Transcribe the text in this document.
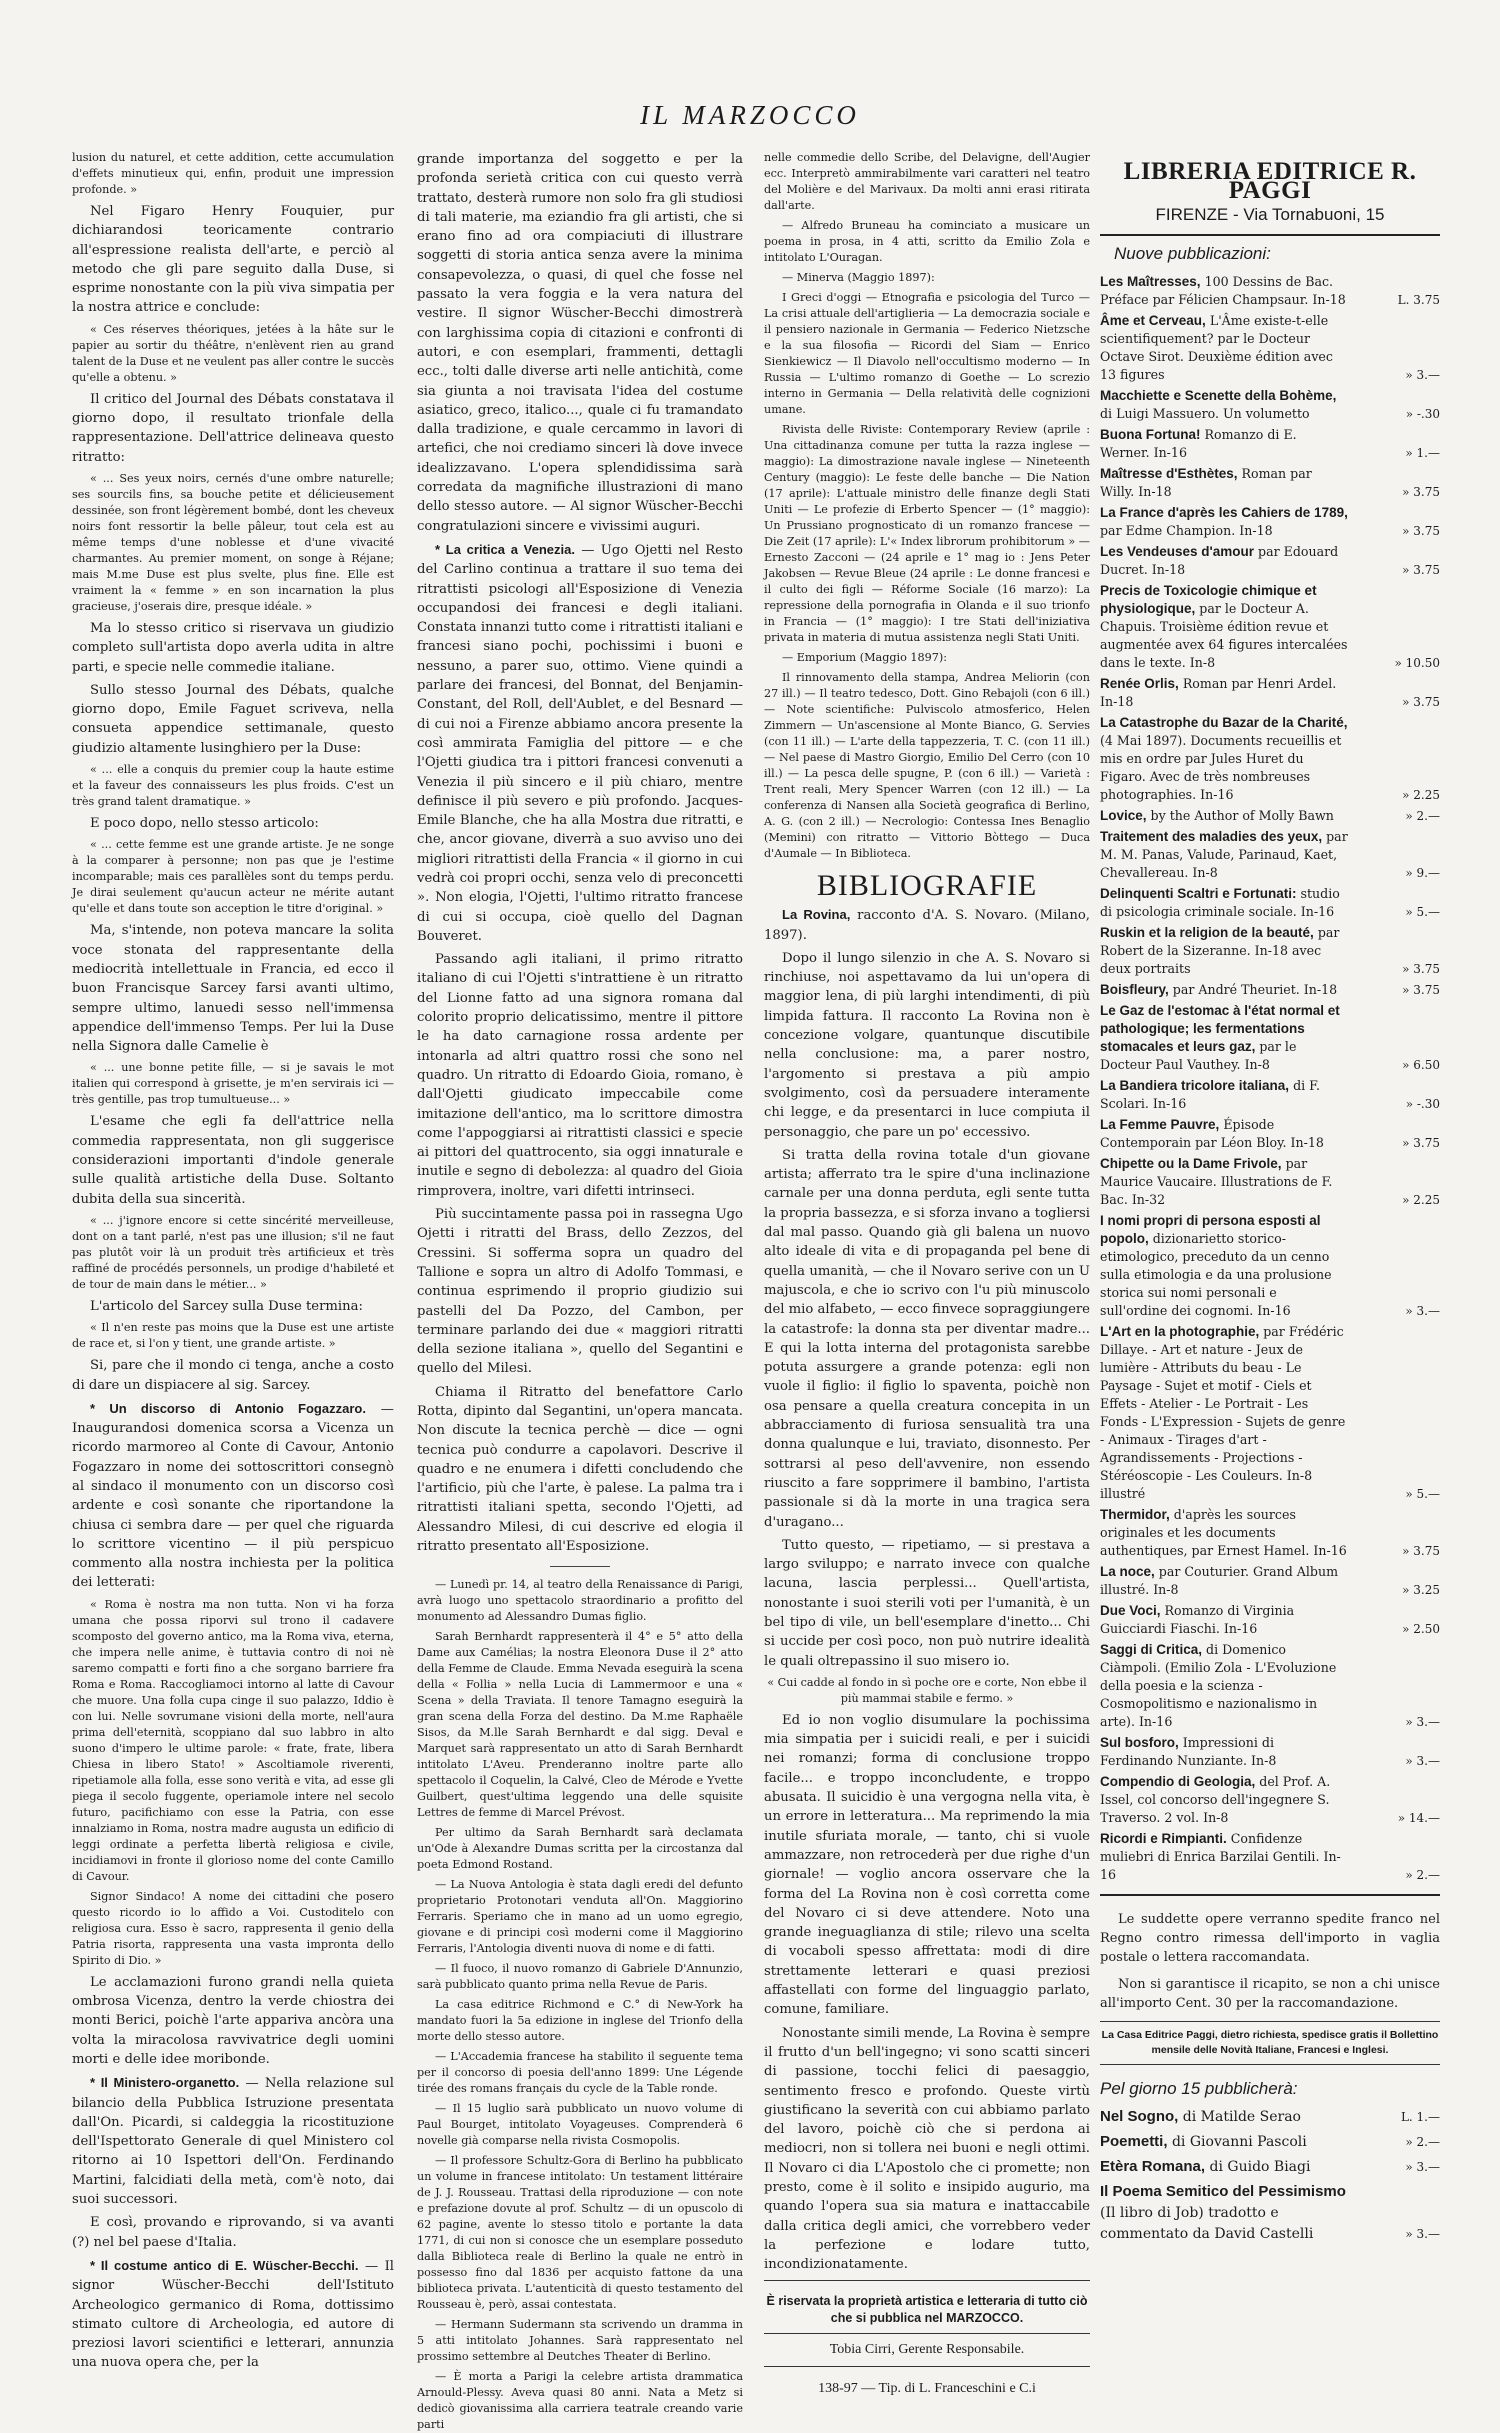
IL MARZOCCO

lusion du naturel, et cette addition, cette accumulation d'effets minutieux qui, enfin, produit une impression profonde. »

Nel Figaro Henry Fouquier, pur dichiarandosi teoricamente contrario all'espressione realista dell'arte, e perciò al metodo che gli pare seguito dalla Duse, si esprime nonostante con la più viva simpatia per la nostra attrice e conclude:

« Ces réserves théoriques, jetées à la hâte sur le papier au sortir du théâtre, n'enlèvent rien au grand talent de la Duse et ne veulent pas aller contre le succès qu'elle a obtenu. »

Il critico del Journal des Débats constatava il giorno dopo, il resultato trionfale della rappresentazione. Dell'attrice delineava questo ritratto:

« ... Ses yeux noirs, cernés d'une ombre naturelle; ses sourcils fins, sa bouche petite et délicieusement dessinée, son front légèrement bombé, dont les cheveux noirs font ressortir la belle pâleur, tout cela est au même temps d'une noblesse et d'une vivacité charmantes. Au premier moment, on songe à Réjane; mais M.me Duse est plus svelte, plus fine. Elle est vraiment la « femme » en son incarnation la plus gracieuse, j'oserais dire, presque idéale. »

Ma lo stesso critico si riservava un giudizio completo sull'artista dopo averla udita in altre parti, e specie nelle commedie italiane.

Sullo stesso Journal des Débats, qualche giorno dopo, Emile Faguet scriveva, nella consueta appendice settimanale, questo giudizio altamente lusinghiero per la Duse:

« ... elle a conquis du premier coup la haute estime et la faveur des connaisseurs les plus froids. C'est un très grand talent dramatique. »

E poco dopo, nello stesso articolo:

« ... cette femme est une grande artiste. Je ne songe à la comparer à personne; non pas que je l'estime incomparable; mais ces parallèles sont du temps perdu. Je dirai seulement qu'aucun acteur ne mérite autant qu'elle et dans toute son acception le titre d'original. »

Ma, s'intende, non poteva mancare la solita voce stonata del rappresentante della mediocrità intellettuale in Francia, ed ecco il buon Francisque Sarcey farsi avanti ultimo, sempre ultimo, lanuedi sesso nell'immensa appendice dell'immenso Temps. Per lui la Duse nella Signora dalle Camelie è

« ... une bonne petite fille, — si je savais le mot italien qui correspond à grisette, je m'en servirais ici — très gentille, pas trop tumultueuse... »

L'esame che egli fa dell'attrice nella commedia rappresentata, non gli suggerisce considerazioni importanti d'indole generale sulle qualità artistiche della Duse. Soltanto dubita della sua sincerità.

« ... j'ignore encore si cette sincérité merveilleuse, dont on a tant parlé, n'est pas une illusion; s'il ne faut pas plutôt voir là un produit très artificieux et très raffiné de procédés personnels, un prodige d'habileté et de tour de main dans le métier... »

L'articolo del Sarcey sulla Duse termina:

« Il n'en reste pas moins que la Duse est une artiste de race et, si l'on y tient, une grande artiste. »

Si, pare che il mondo ci tenga, anche a costo di dare un dispiacere al sig. Sarcey.

* Un discorso di Antonio Fogazzaro. — Inaugurandosi domenica scorsa a Vicenza un ricordo marmoreo al Conte di Cavour, Antonio Fogazzaro in nome dei sottoscrittori consegnò al sindaco il monumento con un discorso così ardente e così sonante che riportandone la chiusa ci sembra dare — per quel che riguarda lo scrittore vicentino — il più perspicuo commento alla nostra inchiesta per la politica dei letterati:

« Roma è nostra ma non tutta. Non vi ha forza umana che possa riporvi sul trono il cadavere scomposto del governo antico, ma la Roma viva, eterna, che impera nelle anime, è tuttavia contro di noi nè saremo compatti e forti fino a che sorgano barriere fra Roma e Roma. Raccogliamoci intorno al latte di Cavour che muore. Una folla cupa cinge il suo palazzo, Iddio è con lui. Nelle sovrumane visioni della morte, nell'aura prima dell'eternità, scoppiano dal suo labbro in alto suono d'impero le ultime parole: « frate, frate, libera Chiesa in libero Stato! » Ascoltiamole riverenti, ripetiamole alla folla, esse sono verità e vita, ad esse gli piega il secolo fuggente, operiamole intere nel secolo futuro, pacifichiamo con esse la Patria, con esse innalziamo in Roma, nostra madre augusta un edificio di leggi ordinate a perfetta libertà religiosa e civile, incidiamovi in fronte il glorioso nome del conte Camillo di Cavour.

Signor Sindaco! A nome dei cittadini che posero questo ricordo io lo affido a Voi. Custoditelo con religiosa cura. Esso è sacro, rappresenta il genio della Patria risorta, rappresenta una vasta impronta dello Spirito di Dio. »

Le acclamazioni furono grandi nella quieta ombrosa Vicenza, dentro la verde chiostra dei monti Berici, poichè l'arte appariva ancòra una volta la miracolosa ravvivatrice degli uomini morti e delle idee moribonde.

* Il Ministero-organetto. — Nella relazione sul bilancio della Pubblica Istruzione presentata dall'On. Picardi, si caldeggia la ricostituzione dell'Ispettorato Generale di quel Ministero col ritorno ai 10 Ispettori dell'On. Ferdinando Martini, falcidiati della metà, com'è noto, dai suoi successori.

E così, provando e riprovando, si va avanti (?) nel bel paese d'Italia.

* Il costume antico di E. Wüscher-Becchi. — Il signor Wüscher-Becchi dell'Istituto Archeologico germanico di Roma, dottissimo stimato cultore di Archeologia, ed autore di preziosi lavori scientifici e letterari, annunzia una nuova opera che, per la

grande importanza del soggetto e per la profonda serietà critica con cui questo verrà trattato, desterà rumore non solo fra gli studiosi di tali materie, ma eziandio fra gli artisti, che si erano fino ad ora compiaciuti di illustrare soggetti di storia antica senza avere la minima consapevolezza, o quasi, di quel che fosse nel passato la vera foggia e la vera natura del vestire. Il signor Wüscher-Becchi dimostrerà con larghissima copia di citazioni e confronti di autori, e con esemplari, frammenti, dettagli ecc., tolti dalle diverse arti nelle antichità, come sia giunta a noi travisata l'idea del costume asiatico, greco, italico..., quale ci fu tramandato dalla tradizione, e quale cercammo in lavori di artefici, che noi crediamo sinceri là dove invece idealizzavano. L'opera splendidissima sarà corredata da magnifiche illustrazioni di mano dello stesso autore. — Al signor Wüscher-Becchi congratulazioni sincere e vivissimi auguri.

* La critica a Venezia. — Ugo Ojetti nel Resto del Carlino continua a trattare il suo tema dei ritrattisti psicologi all'Esposizione di Venezia occupandosi dei francesi e degli italiani. Constata innanzi tutto come i ritrattisti italiani e francesi siano pochi, pochissimi i buoni e nessuno, a parer suo, ottimo. Viene quindi a parlare dei francesi, del Bonnat, del Benjamin-Constant, del Roll, dell'Aublet, e del Besnard — di cui noi a Firenze abbiamo ancora presente la così ammirata Famiglia del pittore — e che l'Ojetti giudica tra i pittori francesi convenuti a Venezia il più sincero e il più chiaro, mentre definisce il più severo e più profondo. Jacques-Emile Blanche, che ha alla Mostra due ritratti, e che, ancor giovane, diverrà a suo avviso uno dei migliori ritrattisti della Francia « il giorno in cui vedrà coi propri occhi, senza velo di preconcetti ». Non elogia, l'Ojetti, l'ultimo ritratto francese di cui si occupa, cioè quello del Dagnan Bouveret.

Passando agli italiani, il primo ritratto italiano di cui l'Ojetti s'intrattiene è un ritratto del Lionne fatto ad una signora romana dal colorito proprio delicatissimo, mentre il pittore le ha dato carnagione rossa ardente per intonarla ad altri quattro rossi che sono nel quadro. Un ritratto di Edoardo Gioia, romano, è dall'Ojetti giudicato impeccabile come imitazione dell'antico, ma lo scrittore dimostra come l'appoggiarsi ai ritrattisti classici e specie ai pittori del quattrocento, sia oggi innaturale e inutile e segno di debolezza: al quadro del Gioia rimprovera, inoltre, vari difetti intrinseci.

Più succintamente passa poi in rassegna Ugo Ojetti i ritratti del Brass, dello Zezzos, del Cressini. Si sofferma sopra un quadro del Tallione e sopra un altro di Adolfo Tommasi, e continua esprimendo il proprio giudizio sui pastelli del Da Pozzo, del Cambon, per terminare parlando dei due « maggiori ritratti della sezione italiana », quello del Segantini e quello del Milesi.

Chiama il Ritratto del benefattore Carlo Rotta, dipinto dal Segantini, un'opera mancata. Non discute la tecnica perchè — dice — ogni tecnica può condurre a capolavori. Descrive il quadro e ne enumera i difetti concludendo che l'artificio, più che l'arte, è palese. La palma tra i ritrattisti italiani spetta, secondo l'Ojetti, ad Alessandro Milesi, di cui descrive ed elogia il ritratto presentato all'Esposizione.

— Lunedì pr. 14, al teatro della Renaissance di Parigi, avrà luogo uno spettacolo straordinario a profitto del monumento ad Alessandro Dumas figlio.

Sarah Bernhardt rappresenterà il 4° e 5° atto della Dame aux Camélias; la nostra Eleonora Duse il 2° atto della Femme de Claude. Emma Nevada eseguirà la scena della « Follia » nella Lucia di Lammermoor e una « Scena » della Traviata. Il tenore Tamagno eseguirà la gran scena della Forza del destino. Da M.me Raphaële Sisos, da M.lle Sarah Bernhardt e dal sigg. Deval e Marquet sarà rappresentato un atto di Sarah Bernhardt intitolato L'Aveu. Prenderanno inoltre parte allo spettacolo il Coquelin, la Calvé, Cleo de Mérode e Yvette Guilbert, quest'ultima leggendo una delle squisite Lettres de femme di Marcel Prévost.

Per ultimo da Sarah Bernhardt sarà declamata un'Ode à Alexandre Dumas scritta per la circostanza dal poeta Edmond Rostand.

— La Nuova Antologia è stata dagli eredi del defunto proprietario Protonotari venduta all'On. Maggiorino Ferraris. Speriamo che in mano ad un uomo egregio, giovane e di principi così moderni come il Maggiorino Ferraris, l'Antologia diventi nuova di nome e di fatti.

— Il fuoco, il nuovo romanzo di Gabriele D'Annunzio, sarà pubblicato quanto prima nella Revue de Paris.

La casa editrice Richmond e C.° di New-York ha mandato fuori la 5a edizione in inglese del Trionfo della morte dello stesso autore.

— L'Accademia francese ha stabilito il seguente tema per il concorso di poesia dell'anno 1899: Une Légende tirée des romans français du cycle de la Table ronde.

— Il 15 luglio sarà pubblicato un nuovo volume di Paul Bourget, intitolato Voyageuses. Comprenderà 6 novelle già comparse nella rivista Cosmopolis.

— Il professore Schultz-Gora di Berlino ha pubblicato un volume in francese intitolato: Un testament littéraire de J. J. Rousseau. Trattasi della riproduzione — con note e prefazione dovute al prof. Schultz — di un opuscolo di 62 pagine, avente lo stesso titolo e portante la data 1771, di cui non si conosce che un esemplare posseduto dalla Biblioteca reale di Berlino la quale ne entrò in possesso fino dal 1836 per acquisto fattone da una biblioteca privata. L'autenticità di questo testamento del Rousseau è, però, assai contestata.

— Hermann Sudermann sta scrivendo un dramma in 5 atti intitolato Johannes. Sarà rappresentato nel prossimo settembre al Deutches Theater di Berlino.

— È morta a Parigi la celebre artista drammatica Arnould-Plessy. Aveva quasi 80 anni. Nata a Metz si dedicò giovanissima alla carriera teatrale creando varie parti

nelle commedie dello Scribe, del Delavigne, dell'Augier ecc. Interpretò ammirabilmente vari caratteri nel teatro del Molière e del Marivaux. Da molti anni erasi ritirata dall'arte.

— Alfredo Bruneau ha cominciato a musicare un poema in prosa, in 4 atti, scritto da Emilio Zola e intitolato L'Ouragan.

— Minerva (Maggio 1897):

I Greci d'oggi — Etnografia e psicologia del Turco — La crisi attuale dell'artiglieria — La democrazia sociale e il pensiero nazionale in Germania — Federico Nietzsche e la sua filosofia — Ricordi del Siam — Enrico Sienkiewicz — Il Diavolo nell'occultismo moderno — In Russia — L'ultimo romanzo di Goethe — Lo screzio interno in Germania — Della relatività delle cognizioni umane.

Rivista delle Riviste: Contemporary Review (aprile : Una cittadinanza comune per tutta la razza inglese — maggio): La dimostrazione navale inglese — Nineteenth Century (maggio): Le feste delle banche — Die Nation (17 aprile): L'attuale ministro delle finanze degli Stati Uniti — Le profezie di Erberto Spencer — (1° maggio): Un Prussiano prognosticato di un romanzo francese — Die Zeit (17 aprile): L'« Index librorum prohibitorum » — Ernesto Zacconi — (24 aprile e 1° mag io : Jens Peter Jakobsen — Revue Bleue (24 aprile : Le donne francesi e il culto dei figli — Réforme Sociale (16 marzo): La repressione della pornografia in Olanda e il suo trionfo in Francia — (1° maggio): I tre Stati dell'iniziativa privata in materia di mutua assistenza negli Stati Uniti.

— Emporium (Maggio 1897):

Il rinnovamento della stampa, Andrea Meliorin (con 27 ill.) — Il teatro tedesco, Dott. Gino Rebajoli (con 6 ill.) — Note scientifiche: Pulviscolo atmosferico, Helen Zimmern — Un'ascensione al Monte Bianco, G. Servies (con 11 ill.) — L'arte della tappezzeria, T. C. (con 11 ill.) — Nel paese di Mastro Giorgio, Emilio Del Cerro (con 10 ill.) — La pesca delle spugne, P. (con 6 ill.) — Varietà : Trent reali, Mery Spencer Warren (con 12 ill.) — La conferenza di Nansen alla Società geografica di Berlino, A. G. (con 2 ill.) — Necrologio: Contessa Ines Benaglio (Memini) con ritratto — Vittorio Bòttego — Duca d'Aumale — In Biblioteca.

BIBLIOGRAFIE

La Rovina, racconto d'A. S. Novaro. (Milano, 1897).

Dopo il lungo silenzio in che A. S. Novaro si rinchiuse, noi aspettavamo da lui un'opera di maggior lena, di più larghi intendimenti, di più limpida fattura. Il racconto La Rovina non è concezione volgare, quantunque discutibile nella conclusione: ma, a parer nostro, l'argomento si prestava a più ampio svolgimento, così da persuadere interamente chi legge, e da presentarci in luce compiuta il personaggio, che pare un po' eccessivo.

Si tratta della rovina totale d'un giovane artista; afferrato tra le spire d'una inclinazione carnale per una donna perduta, egli sente tutta la propria bassezza, e si sforza invano a togliersi dal mal passo. Quando già gli balena un nuovo alto ideale di vita e di propaganda pel bene di quella umanità, — che il Novaro serive con un U majuscola, e che io scrivo con l'u più minuscolo del mio alfabeto, — ecco finvece sopraggiungere la catastrofe: la donna sta per diventar madre... E qui la lotta interna del protagonista sarebbe potuta assurgere a grande potenza: egli non vuole il figlio: il figlio lo spaventa, poichè non osa pensare a quella creatura concepita in un abbracciamento di furiosa sensualità tra una donna qualunque e lui, traviato, disonnesto. Per sottrarsi al peso dell'avvenire, non essendo riuscito a fare sopprimere il bambino, l'artista passionale si dà la morte in una tragica sera d'uragano...

Tutto questo, — ripetiamo, — si prestava a largo sviluppo; e narrato invece con qualche lacuna, lascia perplessi... Quell'artista, nonostante i suoi sterili voti per l'umanità, è un bel tipo di vile, un bell'esemplare d'inetto... Chi si uccide per così poco, non può nutrire idealità le quali oltrepassino il suo misero io.

« Cui cadde al fondo in sì poche ore e corte, Non ebbe il più mammai stabile e fermo. »

Ed io non voglio disumulare la pochissima mia simpatia per i suicidi reali, e per i suicidi nei romanzi; forma di conclusione troppo facile... e troppo inconcludente, e troppo abusata. Il suicidio è una vergogna nella vita, è un errore in letteratura... Ma reprimendo la mia inutile sfuriata morale, — tanto, chi si vuole ammazzare, non retrocederà per due righe d'un giornale! — voglio ancora osservare che la forma del La Rovina non è così corretta come del Novaro ci si deve attendere. Noto una grande ineguaglianza di stile; rilevo una scelta di vocaboli spesso affrettata: modi di dire strettamente letterari e quasi preziosi affastellati con forme del linguaggio parlato, comune, familiare.

Nonostante simili mende, La Rovina è sempre il frutto d'un bell'ingegno; vi sono scatti sinceri di passione, tocchi felici di paesaggio, sentimento fresco e profondo. Queste virtù giustificano la severità con cui abbiamo parlato del lavoro, poichè ciò che si perdona ai mediocri, non si tollera nei buoni e negli ottimi. Il Novaro ci dia L'Apostolo che ci promette; non presto, come è il solito e insipido augurio, ma quando l'opera sua sia matura e inattaccabile dalla critica degli amici, che vorrebbero veder la perfezione e lodare tutto, incondizionatamente.

È riservata la proprietà artistica e letteraria di tutto ciò che si pubblica nel MARZOCCO.
Tobia Cirri, Gerente Responsabile.
138-97 — Tip. di L. Franceschini e C.i
LIBRERIA EDITRICE R. PAGGI
FIRENZE - Via Tornabuoni, 15
Nuove pubblicazioni:
Les Maîtresses, 100 Dessins de Bac. Préface par Félicien Champsaur. In-18	L. 3.75
Âme et Cerveau, L'Âme existe-t-elle scientifiquement? par le Docteur Octave Sirot. Deuxième édition avec 13 figures	» 3.—
Macchiette e Scenette della Bohème, di Luigi Massuero. Un volumetto	» -.30
Buona Fortuna! Romanzo di E. Werner. In-16	» 1.—
Maîtresse d'Esthètes, Roman par Willy. In-18	» 3.75
La France d'après les Cahiers de 1789, par Edme Champion. In-18	» 3.75
Les Vendeuses d'amour par Edouard Ducret. In-18	» 3.75
Precis de Toxicologie chimique et physiologique, par le Docteur A. Chapuis. Troisième édition revue et augmentée avex 64 figures intercalées dans le texte. In-8	» 10.50
Renée Orlis, Roman par Henri Ardel. In-18	» 3.75
La Catastrophe du Bazar de la Charité, (4 Mai 1897). Documents recueillis et mis en ordre par Jules Huret du Figaro. Avec de très nombreuses photographies. In-16	» 2.25
Lovice, by the Author of Molly Bawn	» 2.—
Traitement des maladies des yeux, par M. M. Panas, Valude, Parinaud, Kaet, Chevallereau. In-8	» 9.—
Delinquenti Scaltri e Fortunati: studio di psicologia criminale sociale. In-16	» 5.—
Ruskin et la religion de la beauté, par Robert de la Sizeranne. In-18 avec deux portraits	» 3.75
Boisfleury, par André Theuriet. In-18	» 3.75
Le Gaz de l'estomac à l'état normal et pathologique; les fermentations stomacales et leurs gaz, par le Docteur Paul Vauthey. In-8	» 6.50
La Bandiera tricolore italiana, di F. Scolari. In-16	» -.30
La Femme Pauvre, Épisode Contemporain par Léon Bloy. In-18	» 3.75
Chipette ou la Dame Frivole, par Maurice Vaucaire. Illustrations de F. Bac. In-32	» 2.25
I nomi propri di persona esposti al popolo, dizionarietto storico-etimologico, preceduto da un cenno sulla etimologia e da una prolusione storica sui nomi personali e sull'ordine dei cognomi. In-16	» 3.—
L'Art en la photographie, par Frédéric Dillaye. - Art et nature - Jeux de lumière - Attributs du beau - Le Paysage - Sujet et motif - Ciels et Effets - Atelier - Le Portrait - Les Fonds - L'Expression - Sujets de genre - Animaux - Tirages d'art - Agrandissements - Projections - Stéréoscopie - Les Couleurs. In-8 illustré	» 5.—
Thermidor, d'après les sources originales et les documents authentiques, par Ernest Hamel. In-16	» 3.75
La noce, par Couturier. Grand Album illustré. In-8	» 3.25
Due Voci, Romanzo di Virginia Guicciardi Fiaschi. In-16	» 2.50
Saggi di Critica, di Domenico Ciàmpoli. (Emilio Zola - L'Evoluzione della poesia e la scienza - Cosmopolitismo e nazionalismo in arte). In-16	» 3.—
Sul bosforo, Impressioni di Ferdinando Nunziante. In-8	» 3.—
Compendio di Geologia, del Prof. A. Issel, col concorso dell'ingegnere S. Traverso. 2 vol. In-8	» 14.—
Ricordi e Rimpianti. Confidenze muliebri di Enrica Barzilai Gentili. In-16	» 2.—

Le suddette opere verranno spedite franco nel Regno contro rimessa dell'importo in vaglia postale o lettera raccomandata.

Non si garantisce il ricapito, se non a chi unisce all'importo Cent. 30 per la raccomandazione.

La Casa Editrice Paggi, dietro richiesta, spedisce gratis il Bollettino mensile delle Novità Italiane, Francesi e Inglesi.
Pel giorno 15 pubblicherà:
Nel Sogno, di Matilde Serao	L. 1.—
Poemetti, di Giovanni Pascoli	» 2.—
Etèra Romana, di Guido Biagi	» 3.—
Il Poema Semitico del Pessimismo (Il libro di Job) tradotto e commentato da David Castelli	» 3.—
